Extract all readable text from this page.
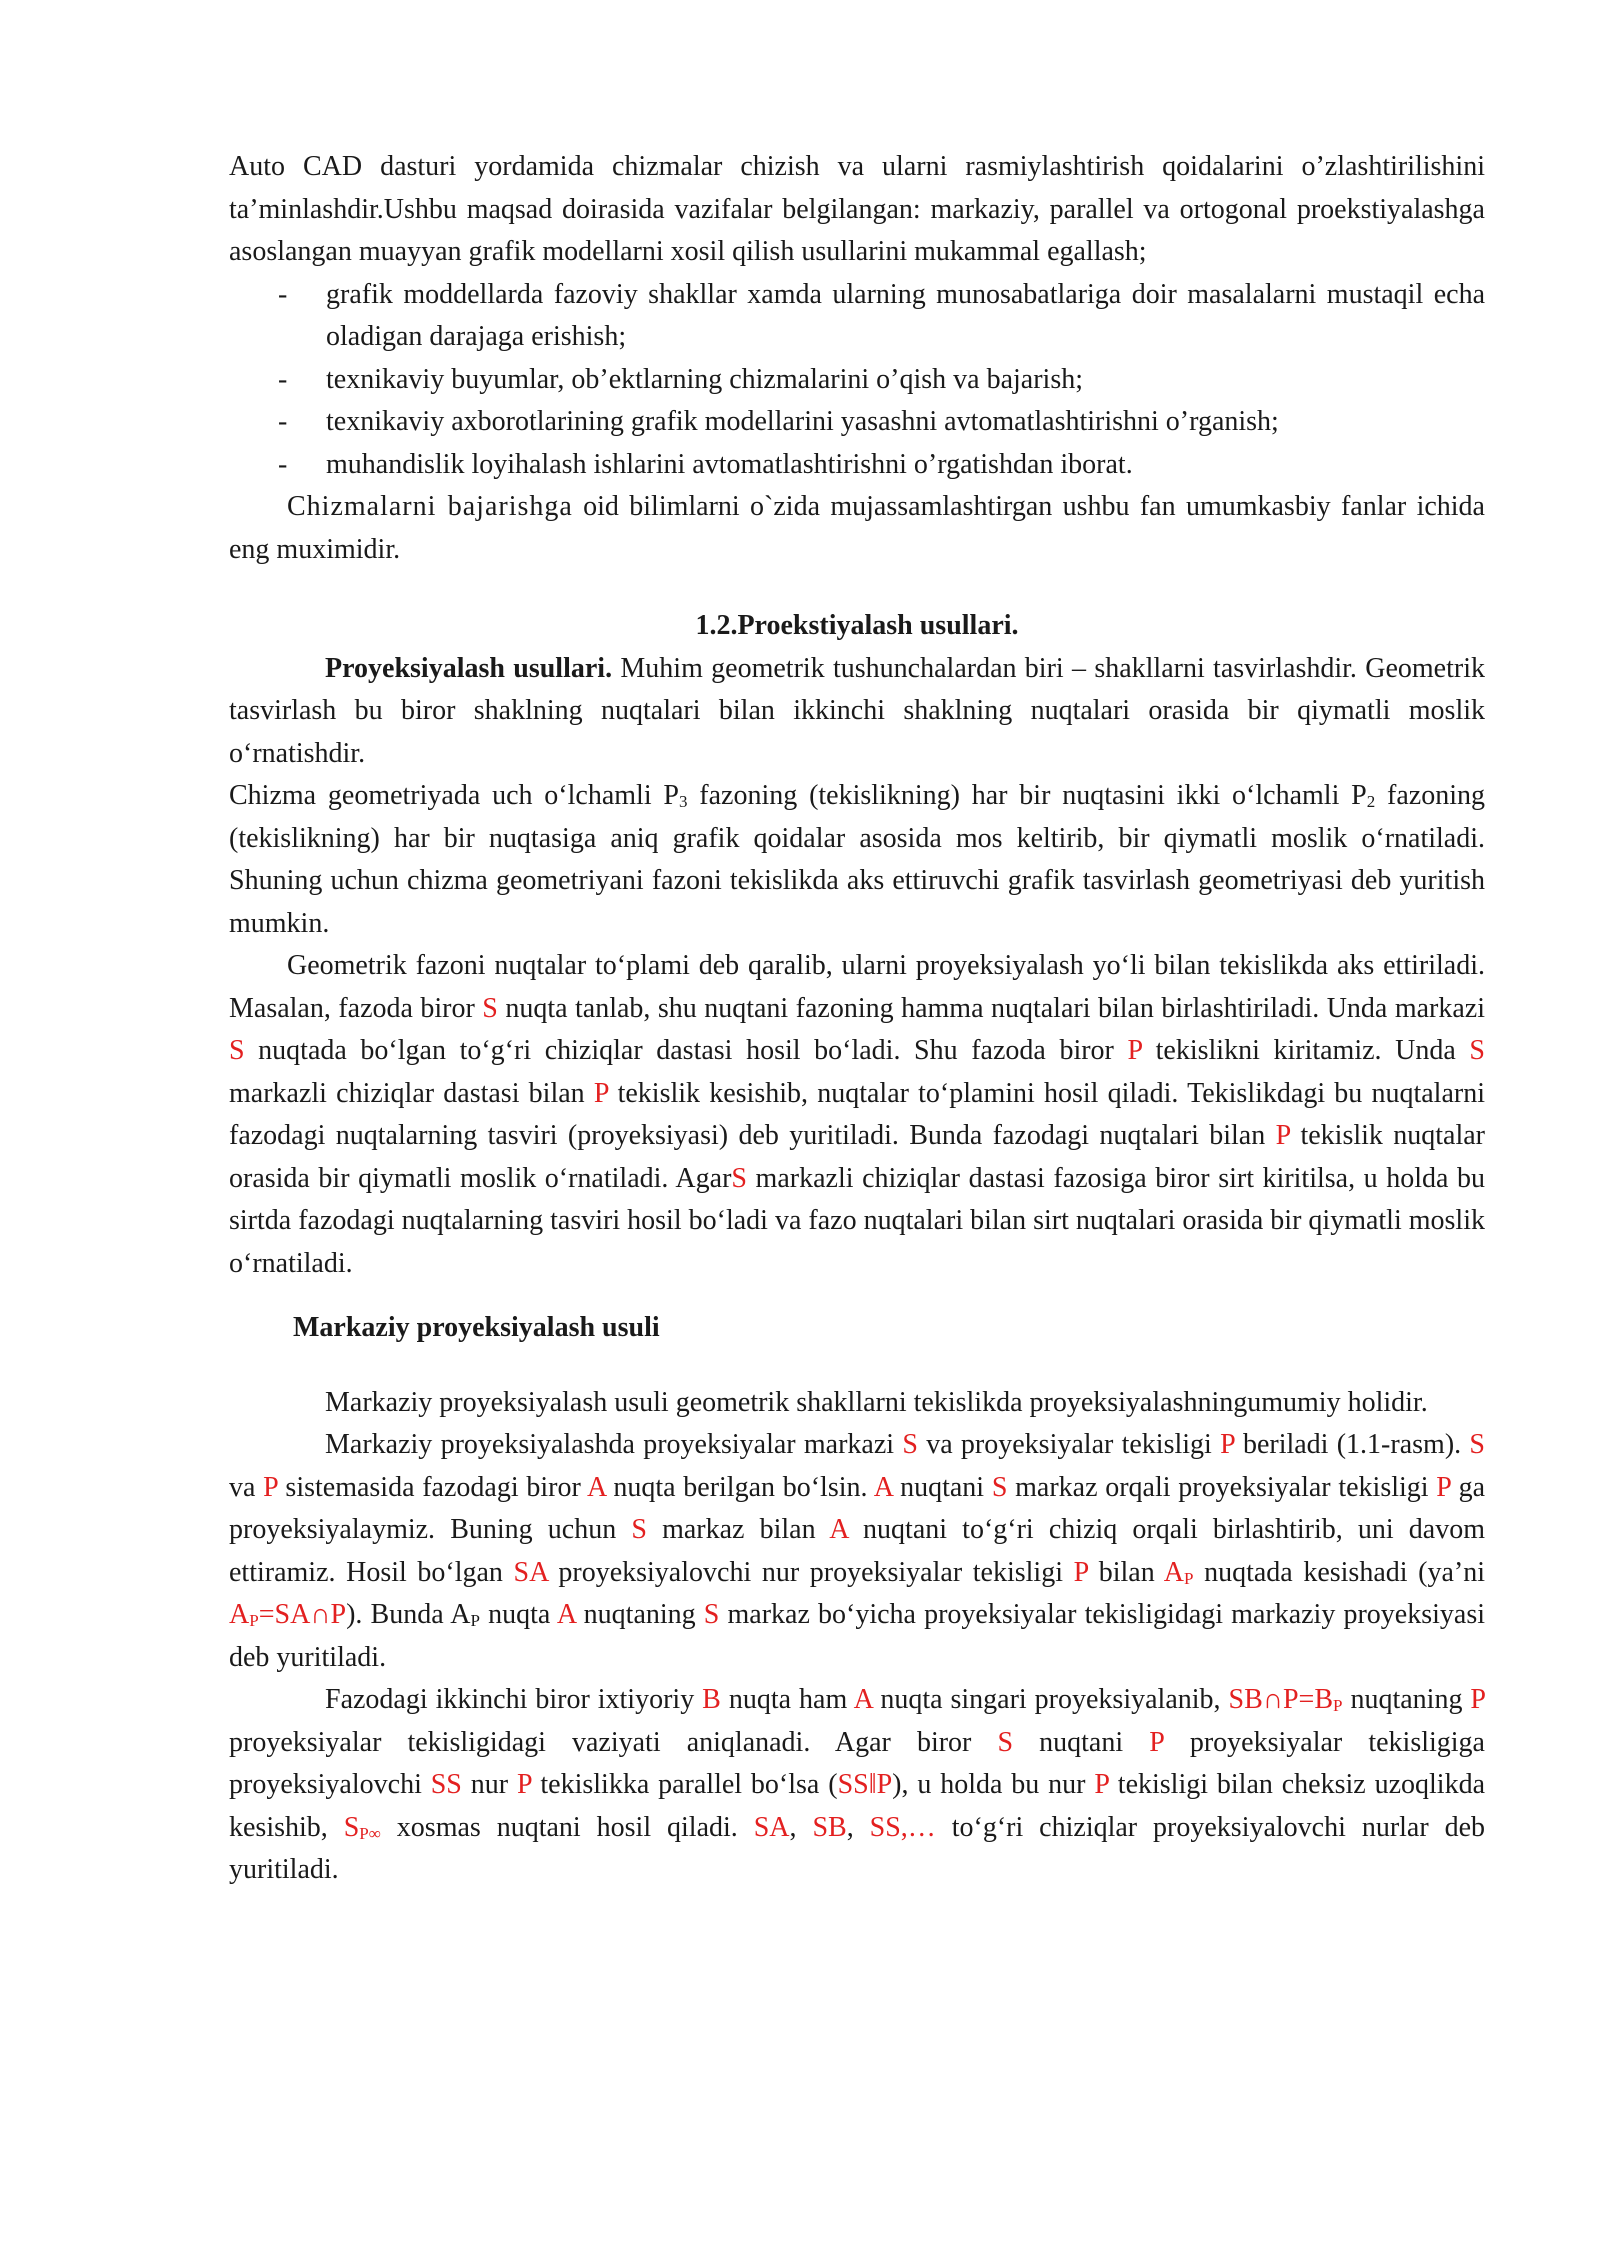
Auto CAD dasturi yordamida chizmalar chizish va ularni rasmiylashtirish qoidalarini o’zlashtirilishini ta’minlashdir.Ushbu maqsad doirasida vazifalar belgilangan: markaziy, parallel va ortogonal proekstiyalashga asoslangan muayyan grafik modellarni xosil qilish usullarini mukammal egallash;

- grafik moddellarda fazoviy shakllar xamda ularning munosabatlariga doir masalalarni mustaqil echa oladigan darajaga erishish;
- texnikaviy buyumlar, ob’ektlarning chizmalarini o’qish va bajarish;
- texnikaviy axborotlarining grafik modellarini yasashni avtomatlashtirishni o’rganish;
- muhandislik loyihalash ishlarini avtomatlashtirishni o’rgatishdan iborat.

Chizmalarni bajarishga oid bilimlarni o`zida mujassamlashtirgan ushbu fan umumkasbiy fanlar ichida eng muximidir.

1.2.Proekstiyalash usullari.

Proyeksiyalash usullari. Muhim geometrik tushunchalardan biri – shakllarni tasvirlashdir. Geometrik tasvirlash bu biror shaklning nuqtalari bilan ikkinchi shaklning nuqtalari orasida bir qiymatli moslik o‘rnatishdir.

Chizma geometriyada uch o‘lchamli $P_3$ fazoning (tekislikning) har bir nuqtasini ikki o‘lchamli $P_2$ fazoning (tekislikning) har bir nuqtasiga aniq grafik qoidalar asosida mos keltirib, bir qiymatli moslik o‘rnatiladi. Shuning uchun chizma geometriyani fazoni tekislikda aks ettiruvchi grafik tasvirlash geometriyasi deb yuritish mumkin.

Geometrik fazoni nuqtalar to‘plami deb qaralib, ularni proyeksiyalash yo‘li bilan tekislikda aks ettiriladi. Masalan, fazoda biror S nuqta tanlab, shu nuqtani fazoning hamma nuqtalari bilan birlashtiriladi. Unda markazi S nuqtada bo‘lgan to‘g‘ri chiziqlar dastasi hosil bo‘ladi. Shu fazoda biror P tekislikni kiritamiz. Unda S markazli chiziqlar dastasi bilan P tekislik kesishib, nuqtalar to‘plamini hosil qiladi. Tekislikdagi bu nuqtalarni fazodagi nuqtalarning tasviri (proyeksiyasi) deb yuritiladi. Bunda fazodagi nuqtalari bilan P tekislik nuqtalar orasida bir qiymatli moslik o‘rnatiladi. AgarS markazli chiziqlar dastasi fazosiga biror sirt kiritilsa, u holda bu sirtda fazodagi nuqtalarning tasviri hosil bo‘ladi va fazo nuqtalari bilan sirt nuqtalari orasida bir qiymatli moslik o‘rnatiladi.

Markaziy proyeksiyalash usuli

Markaziy proyeksiyalash usuli geometrik shakllarni tekislikda proyeksiyalashningumumiy holidir.

Markaziy proyeksiyalashda proyeksiyalar markazi S va proyeksiyalar tekisligi P beriladi (1.1-rasm). S va P sistemasida fazodagi biror A nuqta berilgan bo‘lsin. A nuqtani S markaz orqali proyeksiyalar tekisligi P ga proyeksiyalaymiz. Buning uchun S markaz bilan A nuqtani to‘g‘ri chiziq orqali birlashtirib, uni davom ettiramiz. Hosil bo‘lgan SA proyeksiyalovchi nur proyeksiyalar tekisligi P bilan AP nuqtada kesishadi (ya’ni AP=SA∩P). Bunda AP nuqta A nuqtaning S markaz bo‘yicha proyeksiyalar tekisligidagi markaziy proyeksiyasi deb yuritiladi.

Fazodagi ikkinchi biror ixtiyoriy B nuqta ham A nuqta singari proyeksiyalanib, SB∩P=BP nuqtaning P proyeksiyalar tekisligidagi vaziyati aniqlanadi. Agar biror S nuqtani P proyeksiyalar tekisligiga proyeksiyalovchi SS nur P tekislikka parallel bo‘lsa (SS‖P), u holda bu nur P tekisligi bilan cheksiz uzoqlikda kesishib, SP∞ xosmas nuqtani hosil qiladi. SA, SB, SS,… to‘g‘ri chiziqlar proyeksiyalovchi nurlar deb yuritiladi.
